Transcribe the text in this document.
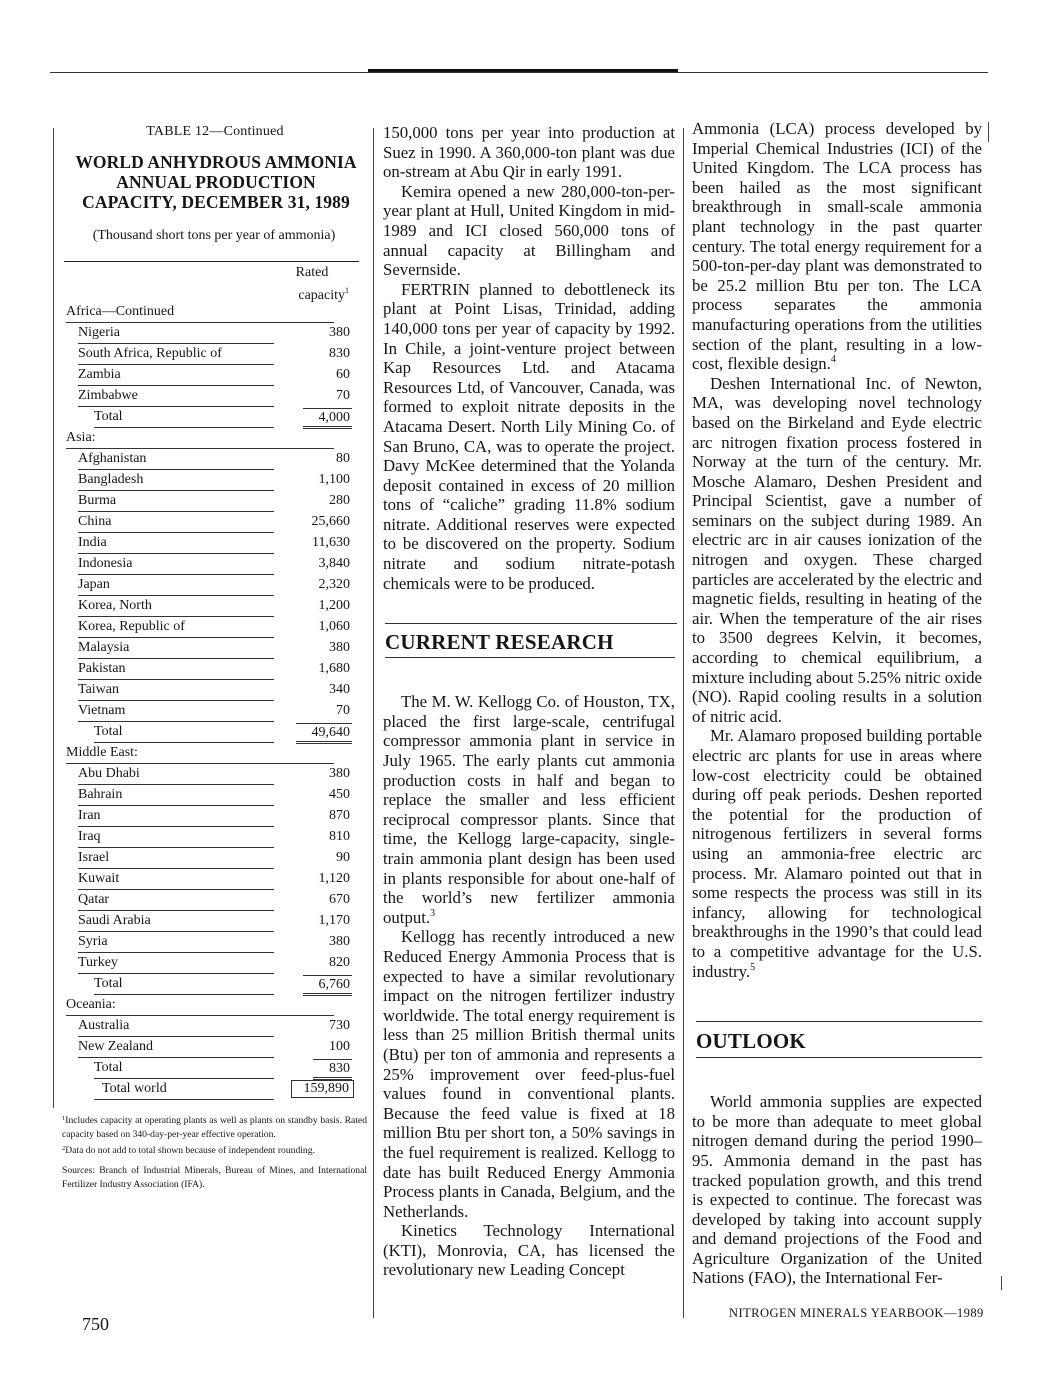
TABLE 12—Continued
WORLD ANHYDROUS AMMONIA
ANNUAL PRODUCTION
CAPACITY, DECEMBER 31, 1989
(Thousand short tons per year of ammonia)
Rated
capacity$^1$
Africa—Continued
Nigeria	380
South Africa, Republic of	830
Zambia	60
Zimbabwe	70
Total	4,000
Asia:
Afghanistan	80
Bangladesh	1,100
Burma	280
China	25,660
India	11,630
Indonesia	3,840
Japan	2,320
Korea, North	1,200
Korea, Republic of	1,060
Malaysia	380
Pakistan	1,680
Taiwan	340
Vietnam	70
Total	49,640
Middle East:
Abu Dhabi	380
Bahrain	450
Iran	870
Iraq	810
Israel	90
Kuwait	1,120
Qatar	670
Saudi Arabia	1,170
Syria	380
Turkey	820
Total	6,760
Oceania:
Australia	730
New Zealand	100
Total	830
Total world	159,890

$^1$Includes capacity at operating plants as well as plants on standby basis. Rated capacity based on 340-day-per-year effective operation.

$^2$Data do not add to total shown because of independent rounding.

Sources: Branch of Industrial Minerals, Bureau of Mines, and International Fertilizer Industry Association (IFA).

750

150,000 tons per year into production at Suez in 1990. A 360,000-ton plant was due on-stream at Abu Qir in early 1991.

Kemira opened a new 280,000-ton-per-year plant at Hull, United Kingdom in mid-1989 and ICI closed 560,000 tons of annual capacity at Billingham and Severnside.

FERTRIN planned to debottleneck its plant at Point Lisas, Trinidad, adding 140,000 tons per year of capacity by 1992. In Chile, a joint-venture project between Kap Resources Ltd. and Atacama Resources Ltd, of Vancouver, Canada, was formed to exploit nitrate deposits in the Atacama Desert. North Lily Mining Co. of San Bruno, CA, was to operate the project. Davy McKee determined that the Yolanda deposit contained in excess of 20 million tons of “caliche” grading 11.8% sodium nitrate. Additional reserves were expected to be discovered on the property. Sodium nitrate and sodium nitrate-potash chemicals were to be produced.

CURRENT RESEARCH

The M. W. Kellogg Co. of Houston, TX, placed the first large-scale, centrifugal compressor ammonia plant in service in July 1965. The early plants cut ammonia production costs in half and began to replace the smaller and less efficient reciprocal compressor plants. Since that time, the Kellogg large-capacity, single-train ammonia plant design has been used in plants responsible for about one-half of the world’s new fertilizer ammonia output.$^3$

Kellogg has recently introduced a new Reduced Energy Ammonia Process that is expected to have a similar revolutionary impact on the nitrogen fertilizer industry worldwide. The total energy requirement is less than 25 million British thermal units (Btu) per ton of ammonia and represents a 25% improvement over feed-plus-fuel values found in conventional plants. Because the feed value is fixed at 18 million Btu per short ton, a 50% savings in the fuel requirement is realized. Kellogg to date has built Reduced Energy Ammonia Process plants in Canada, Belgium, and the Netherlands.

Kinetics Technology International (KTI), Monrovia, CA, has licensed the revolutionary new Leading Concept

Ammonia (LCA) process developed by Imperial Chemical Industries (ICI) of the United Kingdom. The LCA process has been hailed as the most significant breakthrough in small-scale ammonia plant technology in the past quarter century. The total energy requirement for a 500-ton-per-day plant was demonstrated to be 25.2 million Btu per ton. The LCA process separates the ammonia manufacturing operations from the utilities section of the plant, resulting in a low-cost, flexible design.$^4$

Deshen International Inc. of Newton, MA, was developing novel technology based on the Birkeland and Eyde electric arc nitrogen fixation process fostered in Norway at the turn of the century. Mr. Mosche Alamaro, Deshen President and Principal Scientist, gave a number of seminars on the subject during 1989. An electric arc in air causes ionization of the nitrogen and oxygen. These charged particles are accelerated by the electric and magnetic fields, resulting in heating of the air. When the temperature of the air rises to 3500 degrees Kelvin, it becomes, according to chemical equilibrium, a mixture including about 5.25% nitric oxide (NO). Rapid cooling results in a solution of nitric acid.

Mr. Alamaro proposed building portable electric arc plants for use in areas where low-cost electricity could be obtained during off peak periods. Deshen reported the potential for the production of nitrogenous fertilizers in several forms using an ammonia-free electric arc process. Mr. Alamaro pointed out that in some respects the process was still in its infancy, allowing for technological breakthroughs in the 1990’s that could lead to a competitive advantage for the U.S. industry.$^5$

OUTLOOK

World ammonia supplies are expected to be more than adequate to meet global nitrogen demand during the period 1990–95. Ammonia demand in the past has tracked population growth, and this trend is expected to continue. The forecast was developed by taking into account supply and demand projections of the Food and Agriculture Organization of the United Nations (FAO), the International Fer-

NITROGEN MINERALS YEARBOOK—1989
